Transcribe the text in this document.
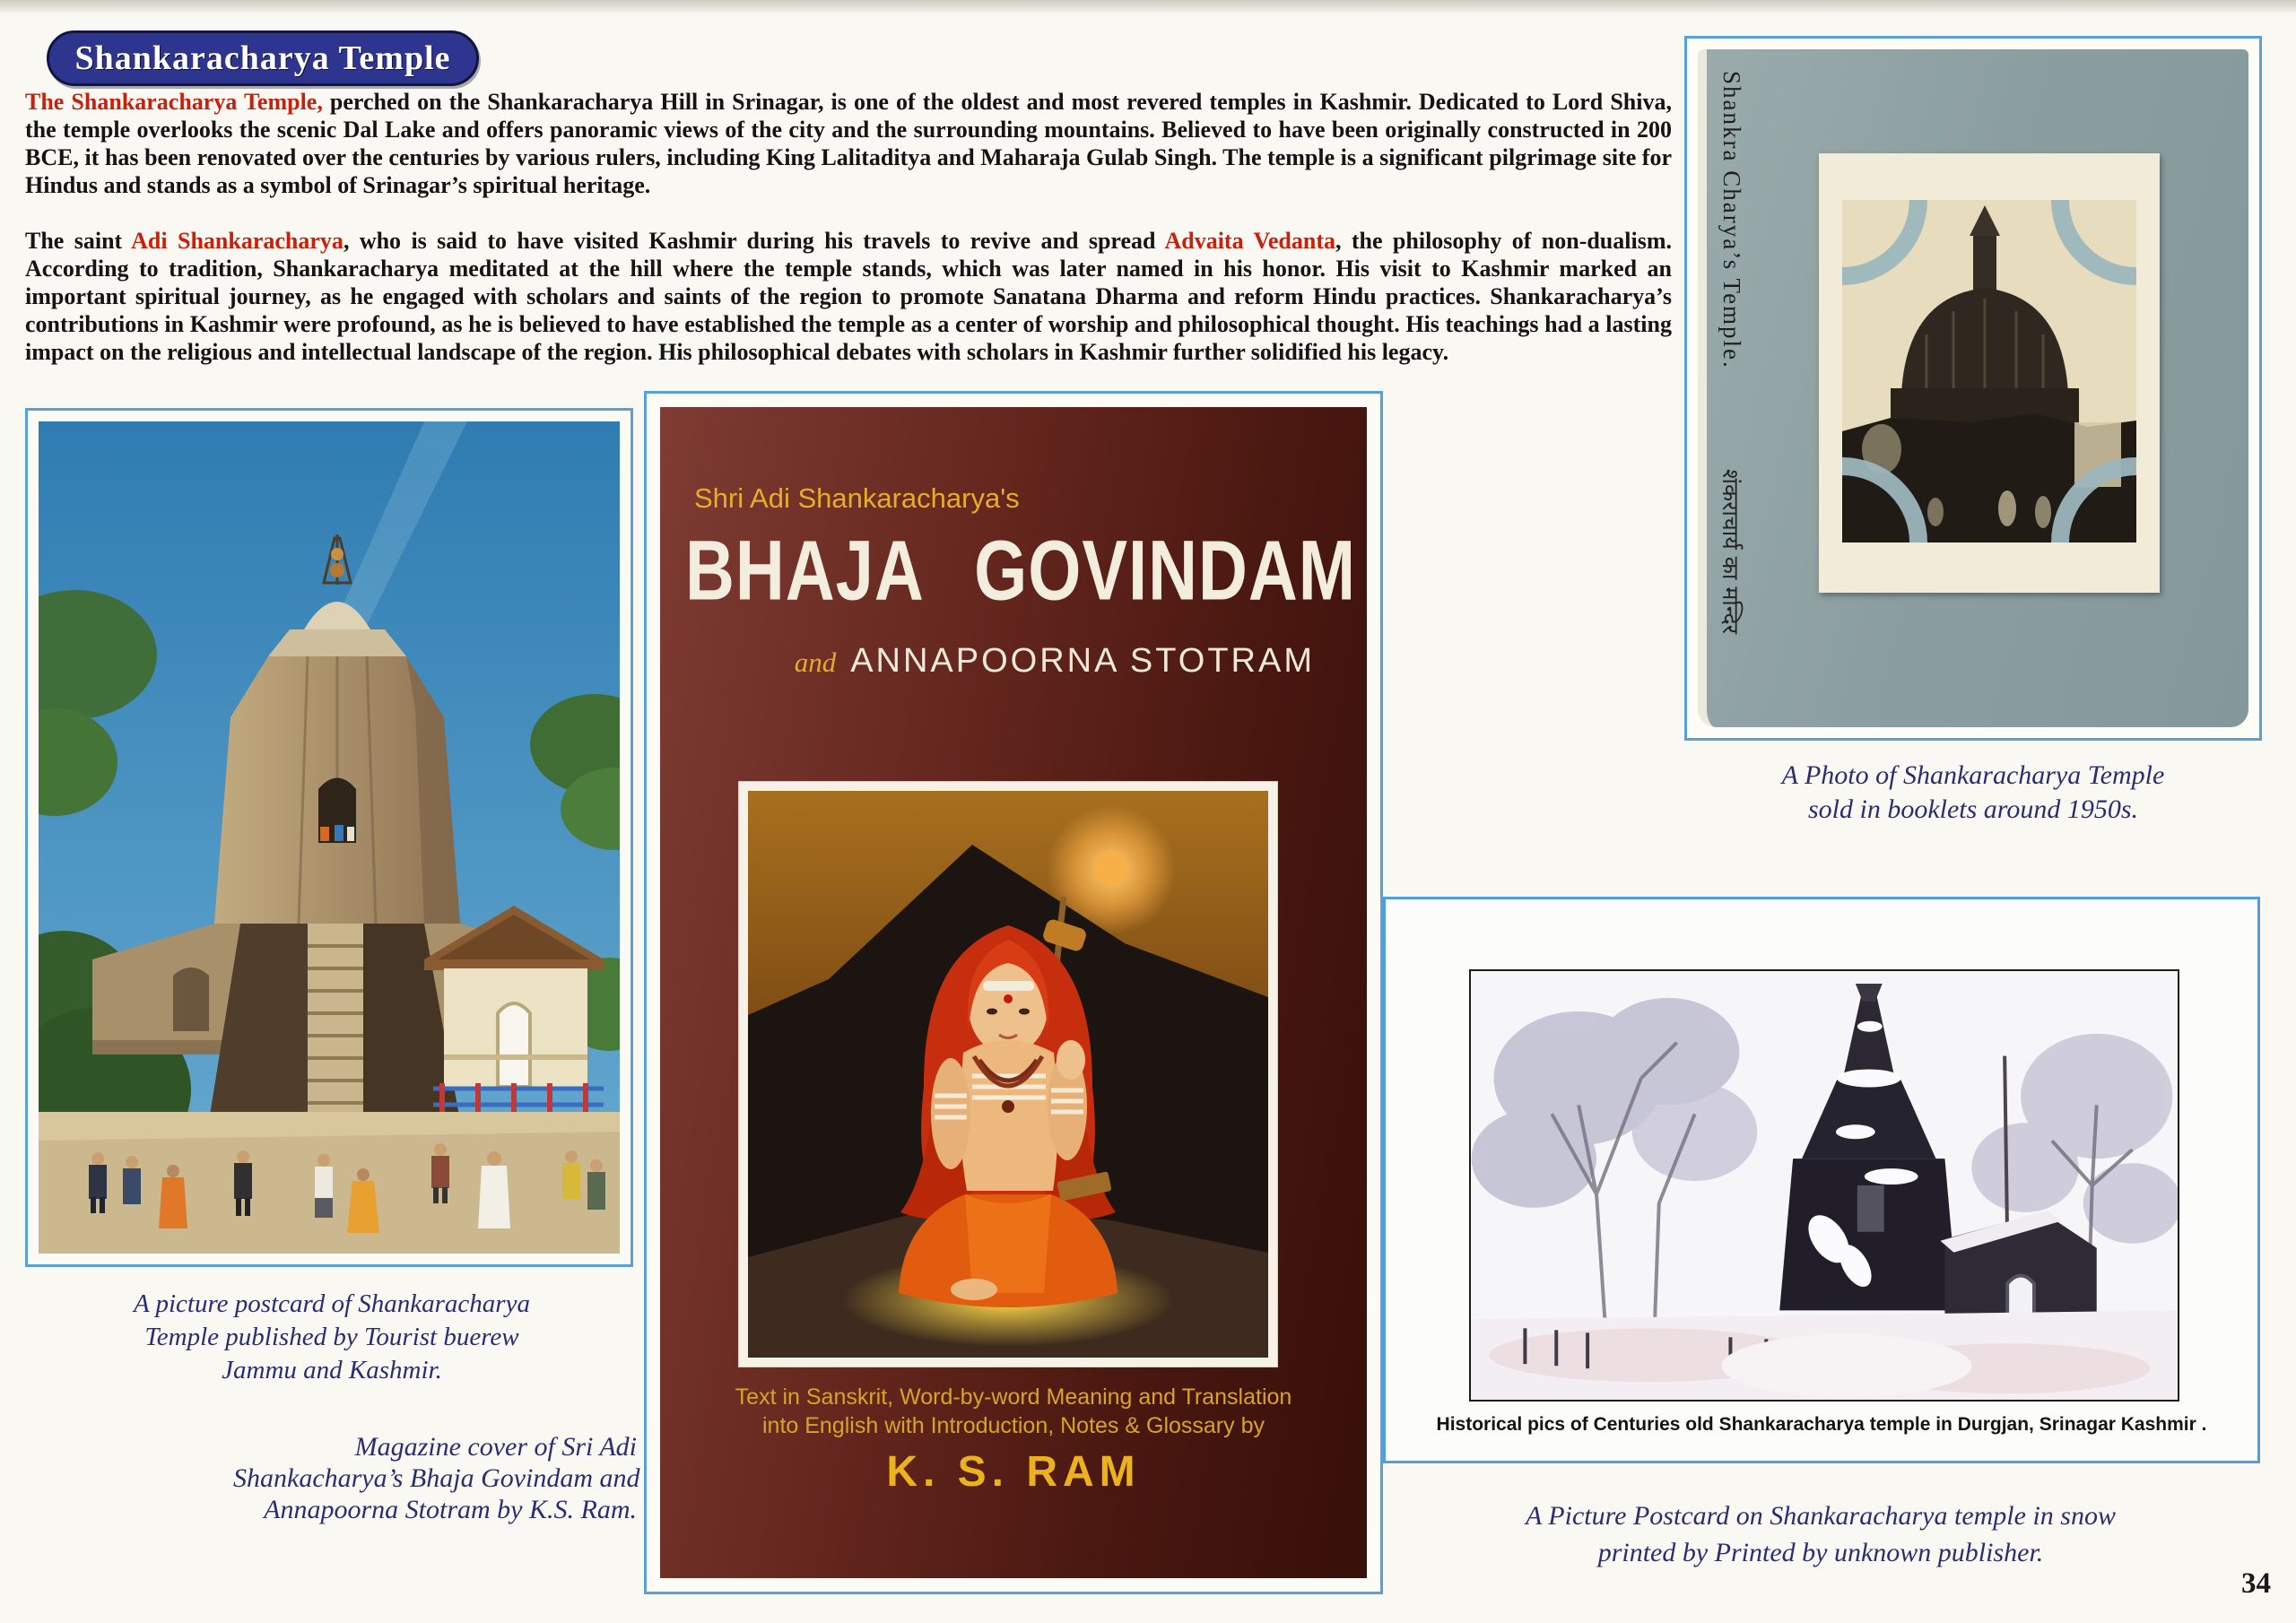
Shankaracharya Temple

The Shankaracharya Temple, perched on the Shankaracharya Hill in Srinagar, is one of the oldest and most revered temples in Kashmir. Dedicated to Lord Shiva, the temple overlooks the scenic Dal Lake and offers panoramic views of the city and the surrounding mountains. Believed to have been originally constructed in 200 BCE, it has been renovated over the centuries by various rulers, including King Lalitaditya and Maharaja Gulab Singh. The temple is a significant pilgrimage site for Hindus and stands as a symbol of Srinagar’s spiritual heritage.

The saint Adi Shankaracharya, who is said to have visited Kashmir during his travels to revive and spread Advaita Vedanta, the philosophy of non-dualism. According to tradition, Shankaracharya meditated at the hill where the temple stands, which was later named in his honor. His visit to Kashmir marked an important spiritual journey, as he engaged with scholars and saints of the region to promote Sanatana Dharma and reform Hindu practices. Shankaracharya’s contributions in Kashmir were profound, as he is believed to have established the temple as a center of worship and philosophical thought. His teachings had a lasting impact on the religious and intellectual landscape of the region. His philosophical debates with scholars in Kashmir further solidified his legacy.

A picture postcard of Shankaracharya
Temple published by Tourist buerew
Jammu and Kashmir.
Shri Adi Shankaracharya's
BHAJA GOVINDAM
and ANNAPOORNA STOTRAM
Text in Sanskrit, Word-by-word Meaning and Translation
into English with Introduction, Notes & Glossary by
K. S. RAM
Magazine cover of Sri Adi
Shankacharya’s Bhaja Govindam and
Annapoorna Stotram by K.S. Ram.
Shankra Charya’s Temple.
शंकराचार्य का मन्दिर
A Photo of Shankaracharya Temple
sold in booklets around 1950s.
Historical pics of Centuries old Shankaracharya temple in Durgjan, Srinagar Kashmir .
A Picture Postcard on Shankaracharya temple in snow
printed by Printed by unknown publisher.
34
